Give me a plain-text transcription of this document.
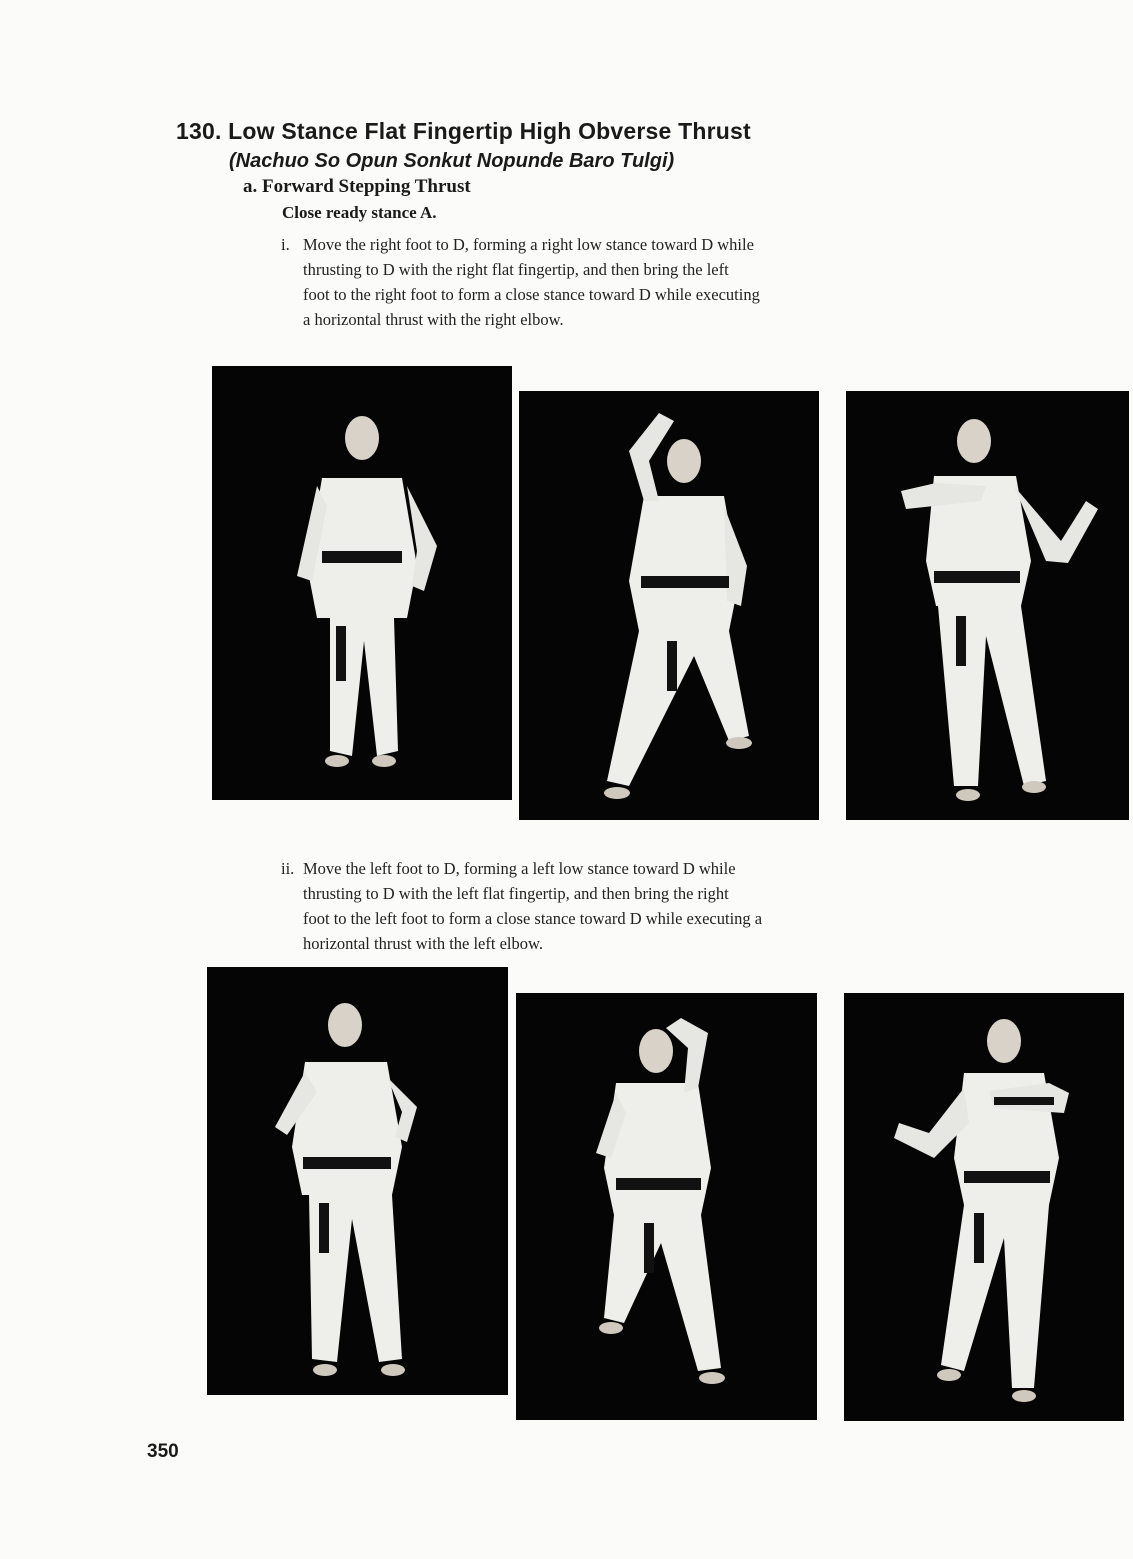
130. Low Stance Flat Fingertip High Obverse Thrust
(Nachuo So Opun Sonkut Nopunde Baro Tulgi)
a. Forward Stepping Thrust

Close ready stance A.

i. Move the right foot to D, forming a right low stance toward D while
thrusting to D with the right flat fingertip, and then bring the left
foot to the right foot to form a close stance toward D while executing
a horizontal thrust with the right elbow.
ii. Move the left foot to D, forming a left low stance toward D while
thrusting to D with the left flat fingertip, and then bring the right
foot to the left foot to form a close stance toward D while executing a
horizontal thrust with the left elbow.

350
